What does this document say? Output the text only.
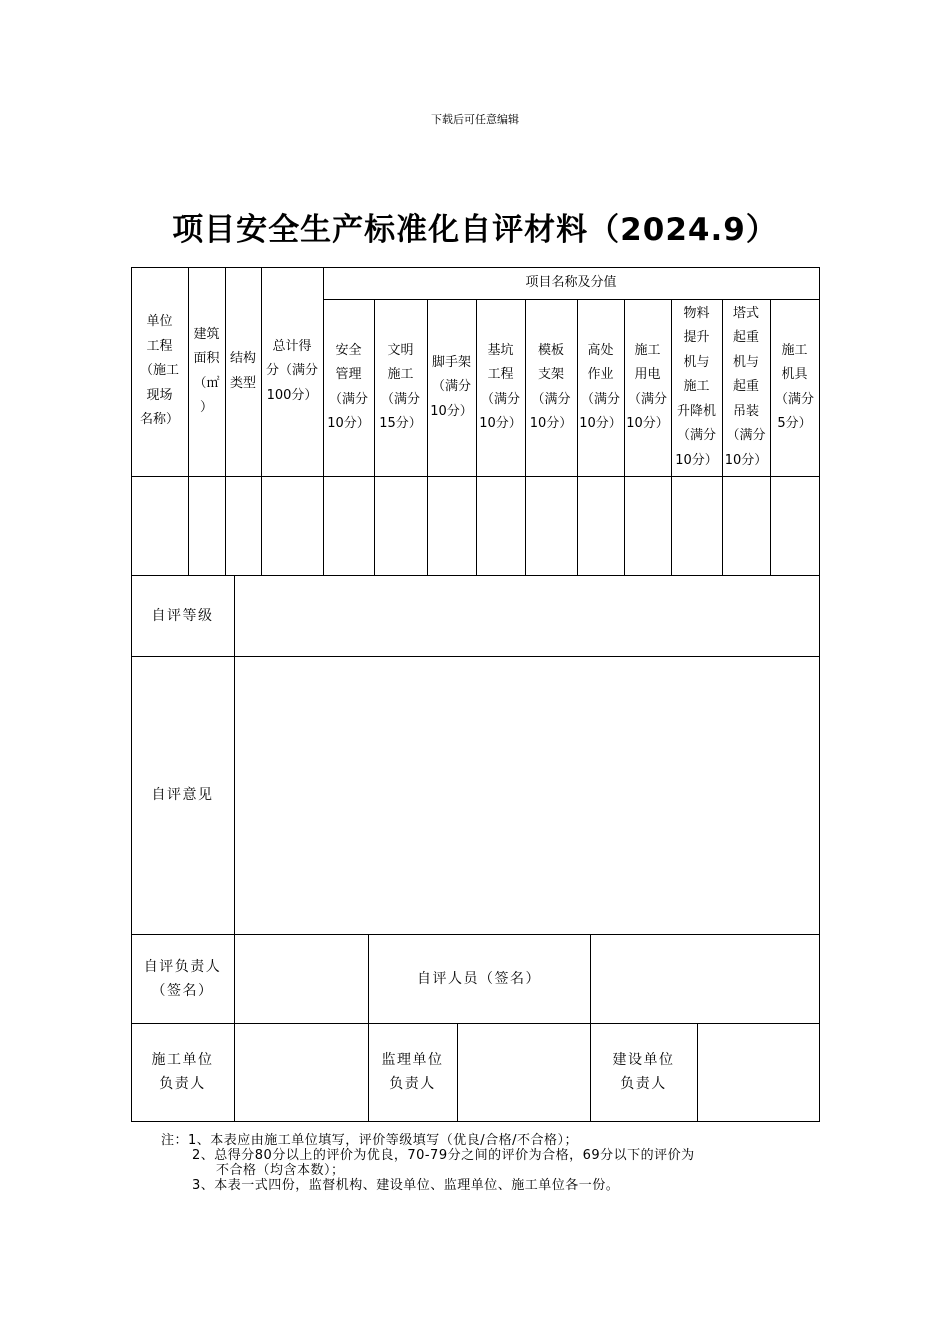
下载后可任意编辑
项目安全生产标准化自评材料（2024.9）
项目名称及分值
单位
工程
（施工
现场
名称）
建筑
面积
（㎡
）
结构
类型
总计得
分（满分
100分）
安全
管理
（满分
10分）
文明
施工
（满分
15分）
脚手架
（满分
10分）
基坑
工程
（满分
10分）
模板
支架
（满分
10分）
高处
作业
（满分
10分）
施工
用电
（满分
10分）
物料
提升
机与
施工
升降机
（满分
10分）
塔式
起重
机与
起重
吊装
（满分
10分）
施工
机具
（满分
5分）
自评等级
自评意见
自评负责人
（签名）
自评人员（签名）
施工单位
负责人
监理单位
负责人
建设单位
负责人
注：1、本表应由施工单位填写，评价等级填写（优良/合格/不合格）；
2、总得分80分以上的评价为优良，70-79分之间的评价为合格，69分以下的评价为
不合格（均含本数）；
3、本表一式四份，监督机构、建设单位、监理单位、施工单位各一份。
